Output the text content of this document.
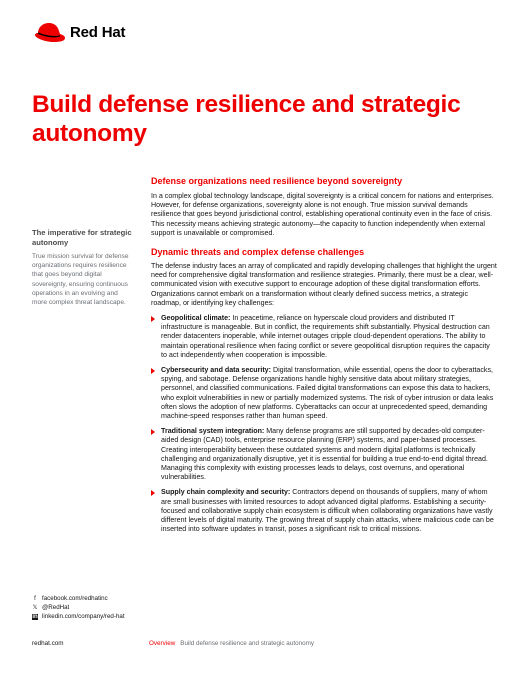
Red Hat
Build defense resilience and strategic autonomy

The imperative for strategic autonomy

True mission survival for defense organizations requires resilience that goes beyond digital sovereignty, ensuring continuous operations in an evolving and more complex threat landscape.

Defense organizations need resilience beyond sovereignty

In a complex global technology landscape, digital sovereignty is a critical concern for nations and enterprises. However, for defense organizations, sovereignty alone is not enough. True mission survival demands resilience that goes beyond jurisdictional control, establishing operational continuity even in the face of crisis. This necessity means achieving strategic autonomy—the capacity to function independently when external support is unavailable or compromised.

Dynamic threats and complex defense challenges

The defense industry faces an array of complicated and rapidly developing challenges that highlight the urgent need for comprehensive digital transformation and resilience strategies. Primarily, there must be a clear, well-communicated vision with executive support to encourage adoption of these digital transformation efforts. Organizations cannot embark on a transformation without clearly defined success metrics, a strategic roadmap, or identifying key challenges:

Geopolitical climate: In peacetime, reliance on hyperscale cloud providers and distributed IT infrastructure is manageable. But in conflict, the requirements shift substantially. Physical destruction can render datacenters inoperable, while internet outages cripple cloud-dependent operations. The ability to maintain operational resilience when facing conflict or severe geopolitical disruption requires the capacity to act independently when cooperation is impossible.
Cybersecurity and data security: Digital transformation, while essential, opens the door to cyberattacks, spying, and sabotage. Defense organizations handle highly sensitive data about military strategies, personnel, and classified communications. Failed digital transformations can expose this data to hackers, who exploit vulnerabilities in new or partially modernized systems. The risk of cyber intrusion or data leaks often slows the adoption of new platforms. Cyberattacks can occur at unprecedented speed, demanding machine-speed responses rather than human speed.
Traditional system integration: Many defense programs are still supported by decades-old computer-aided design (CAD) tools, enterprise resource planning (ERP) systems, and paper-based processes. Creating interoperability between these outdated systems and modern digital platforms is technically challenging and organizationally disruptive, yet it is essential for building a true end-to-end digital thread. Managing this complexity with existing processes leads to delays, cost overruns, and operational vulnerabilities.
Supply chain complexity and security: Contractors depend on thousands of suppliers, many of whom are small businesses with limited resources to adopt advanced digital platforms. Establishing a security-focused and collaborative supply chain ecosystem is difficult when collaborating organizations have vastly different levels of digital maturity. The growing threat of supply chain attacks, where malicious code can be inserted into software updates in transit, poses a significant risk to critical missions.
f facebook.com/redhatinc
𝕏 @RedHat
in linkedin.com/company/red-hat
redhat.com	Overview Build defense resilience and strategic autonomy
